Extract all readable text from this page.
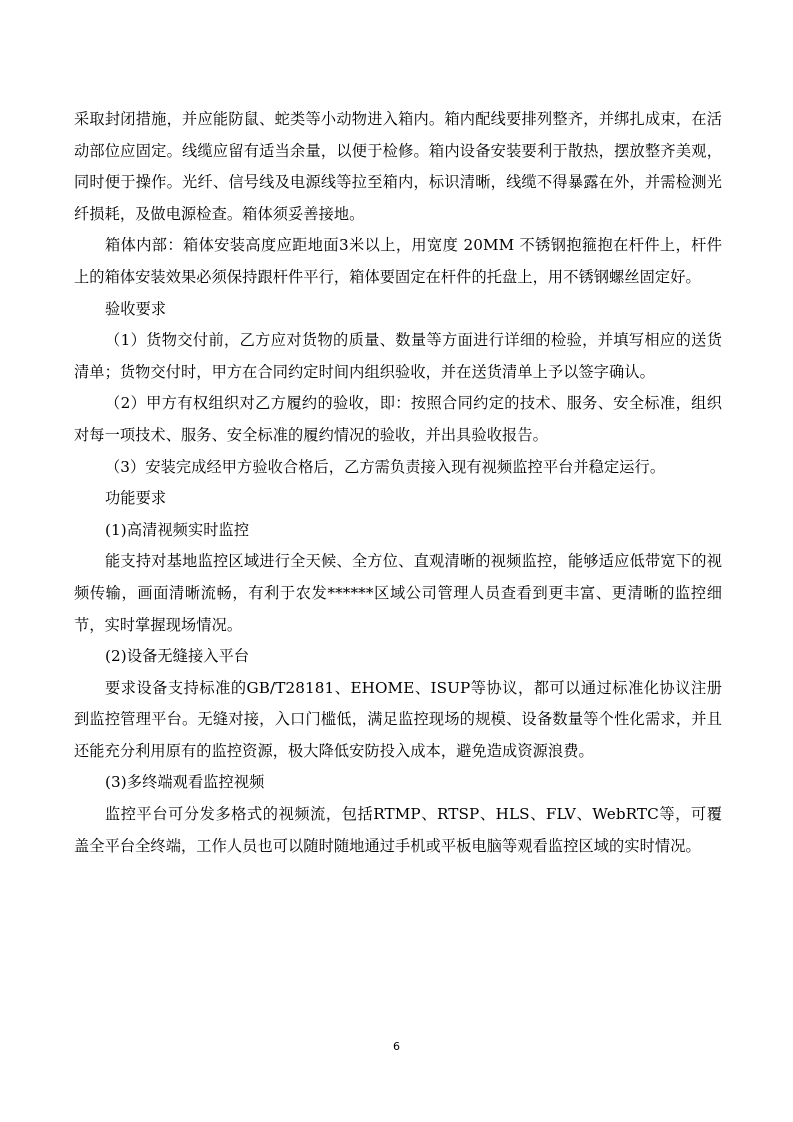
采取封闭措施，并应能防鼠、蛇类等小动物进入箱内。箱内配线要排列整齐，并绑扎成束，在活动部位应固定。线缆应留有适当余量，以便于检修。箱内设备安装要利于散热，摆放整齐美观，同时便于操作。光纤、信号线及电源线等拉至箱内，标识清晰，线缆不得暴露在外，并需检测光纤损耗，及做电源检查。箱体须妥善接地。

箱体内部：箱体安装高度应距地面3米以上，用宽度 20MM 不锈钢抱箍抱在杆件上，杆件上的箱体安装效果必须保持跟杆件平行，箱体要固定在杆件的托盘上，用不锈钢螺丝固定好。

验收要求

（1）货物交付前，乙方应对货物的质量、数量等方面进行详细的检验，并填写相应的送货清单；货物交付时，甲方在合同约定时间内组织验收，并在送货清单上予以签字确认。

（2）甲方有权组织对乙方履约的验收，即：按照合同约定的技术、服务、安全标准，组织对每一项技术、服务、安全标准的履约情况的验收，并出具验收报告。

（3）安装完成经甲方验收合格后，乙方需负责接入现有视频监控平台并稳定运行。

功能要求

(1)高清视频实时监控

能支持对基地监控区域进行全天候、全方位、直观清晰的视频监控，能够适应低带宽下的视频传输，画面清晰流畅，有利于农发******区域公司管理人员查看到更丰富、更清晰的监控细节，实时掌握现场情况。

(2)设备无缝接入平台

要求设备支持标准的GB/T28181、EHOME、ISUP等协议，都可以通过标准化协议注册到监控管理平台。无缝对接，入口门槛低，满足监控现场的规模、设备数量等个性化需求，并且还能充分利用原有的监控资源，极大降低安防投入成本，避免造成资源浪费。

(3)多终端观看监控视频

监控平台可分发多格式的视频流，包括RTMP、RTSP、HLS、FLV、WebRTC等，可覆盖全平台全终端，工作人员也可以随时随地通过手机或平板电脑等观看监控区域的实时情况。

6
